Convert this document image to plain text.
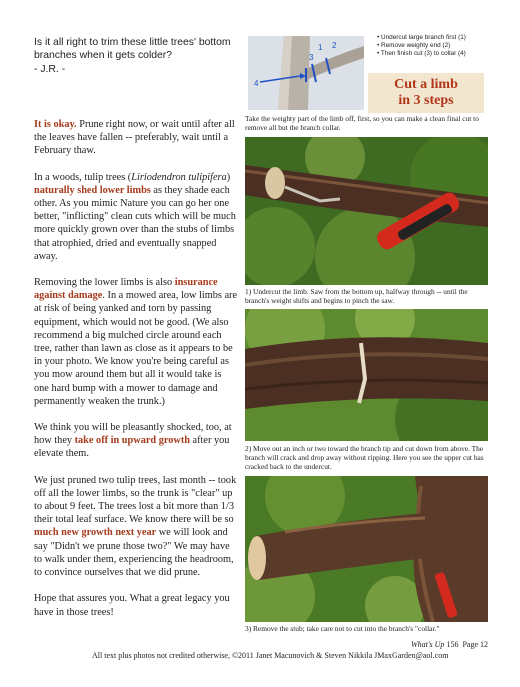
Is it all right to trim these little trees' bottom branches when it gets colder?
- J.R. -

It is okay. Prune right now, or wait until after all the leaves have fallen -- preferably, wait until a February thaw.

In a woods, tulip trees (Liriodendron tulipifera) naturally shed lower limbs as they shade each other. As you mimic Nature you can go her one better, "inflicting" clean cuts which will be much more quickly grown over than the stubs of limbs that atrophied, dried and eventually snapped away.

Removing the lower limbs is also insurance against damage. In a mowed area, low limbs are at risk of being yanked and torn by passing equipment, which would not be good. (We also recommend a big mulched circle around each tree, rather than lawn as close as it appears to be in your photo. We know you're being careful as you mow around them but all it would take is one hard bump with a mower to damage and permanently weaken the trunk.)

We think you will be pleasantly shocked, too, at how they take off in upward growth after you elevate them.

We just pruned two tulip trees, last month -- took off all the lower limbs, so the trunk is "clear" up to about 9 feet. The trees lost a bit more than 1/3 their total leaf surface. We know there will be so much new growth next year we will look and say "Didn't we prune those two?" We may have to walk under them, experiencing the headroom, to convince ourselves that we did prune.

Hope that assures you. What a great legacy you have in those trees!

1 2
3
4
• Undercut large branch first (1)
• Remove weighty end (2)
• Then finish cut (3) to collar (4)
Cut a limb
in 3 steps
Take the weighty part of the limb off, first, so you can make a clean final cut to remove all but the branch collar.
1) Undercut the limb. Saw from the bottom up, halfway through -- until the branch's weight shifts and begins to pinch the saw.
2) Move out an inch or two toward the branch tip and cut down from above. The branch will crack and drop away without ripping. Here you see the upper cut has cracked back to the undercut.
3) Remove the stub; take care not to cut into the branch's "collar."
What's Up 156 Page 12
All text plus photos not credited otherwise, ©2011 Janet Macunovich & Steven Nikkila JMaxGarden@aol.com
